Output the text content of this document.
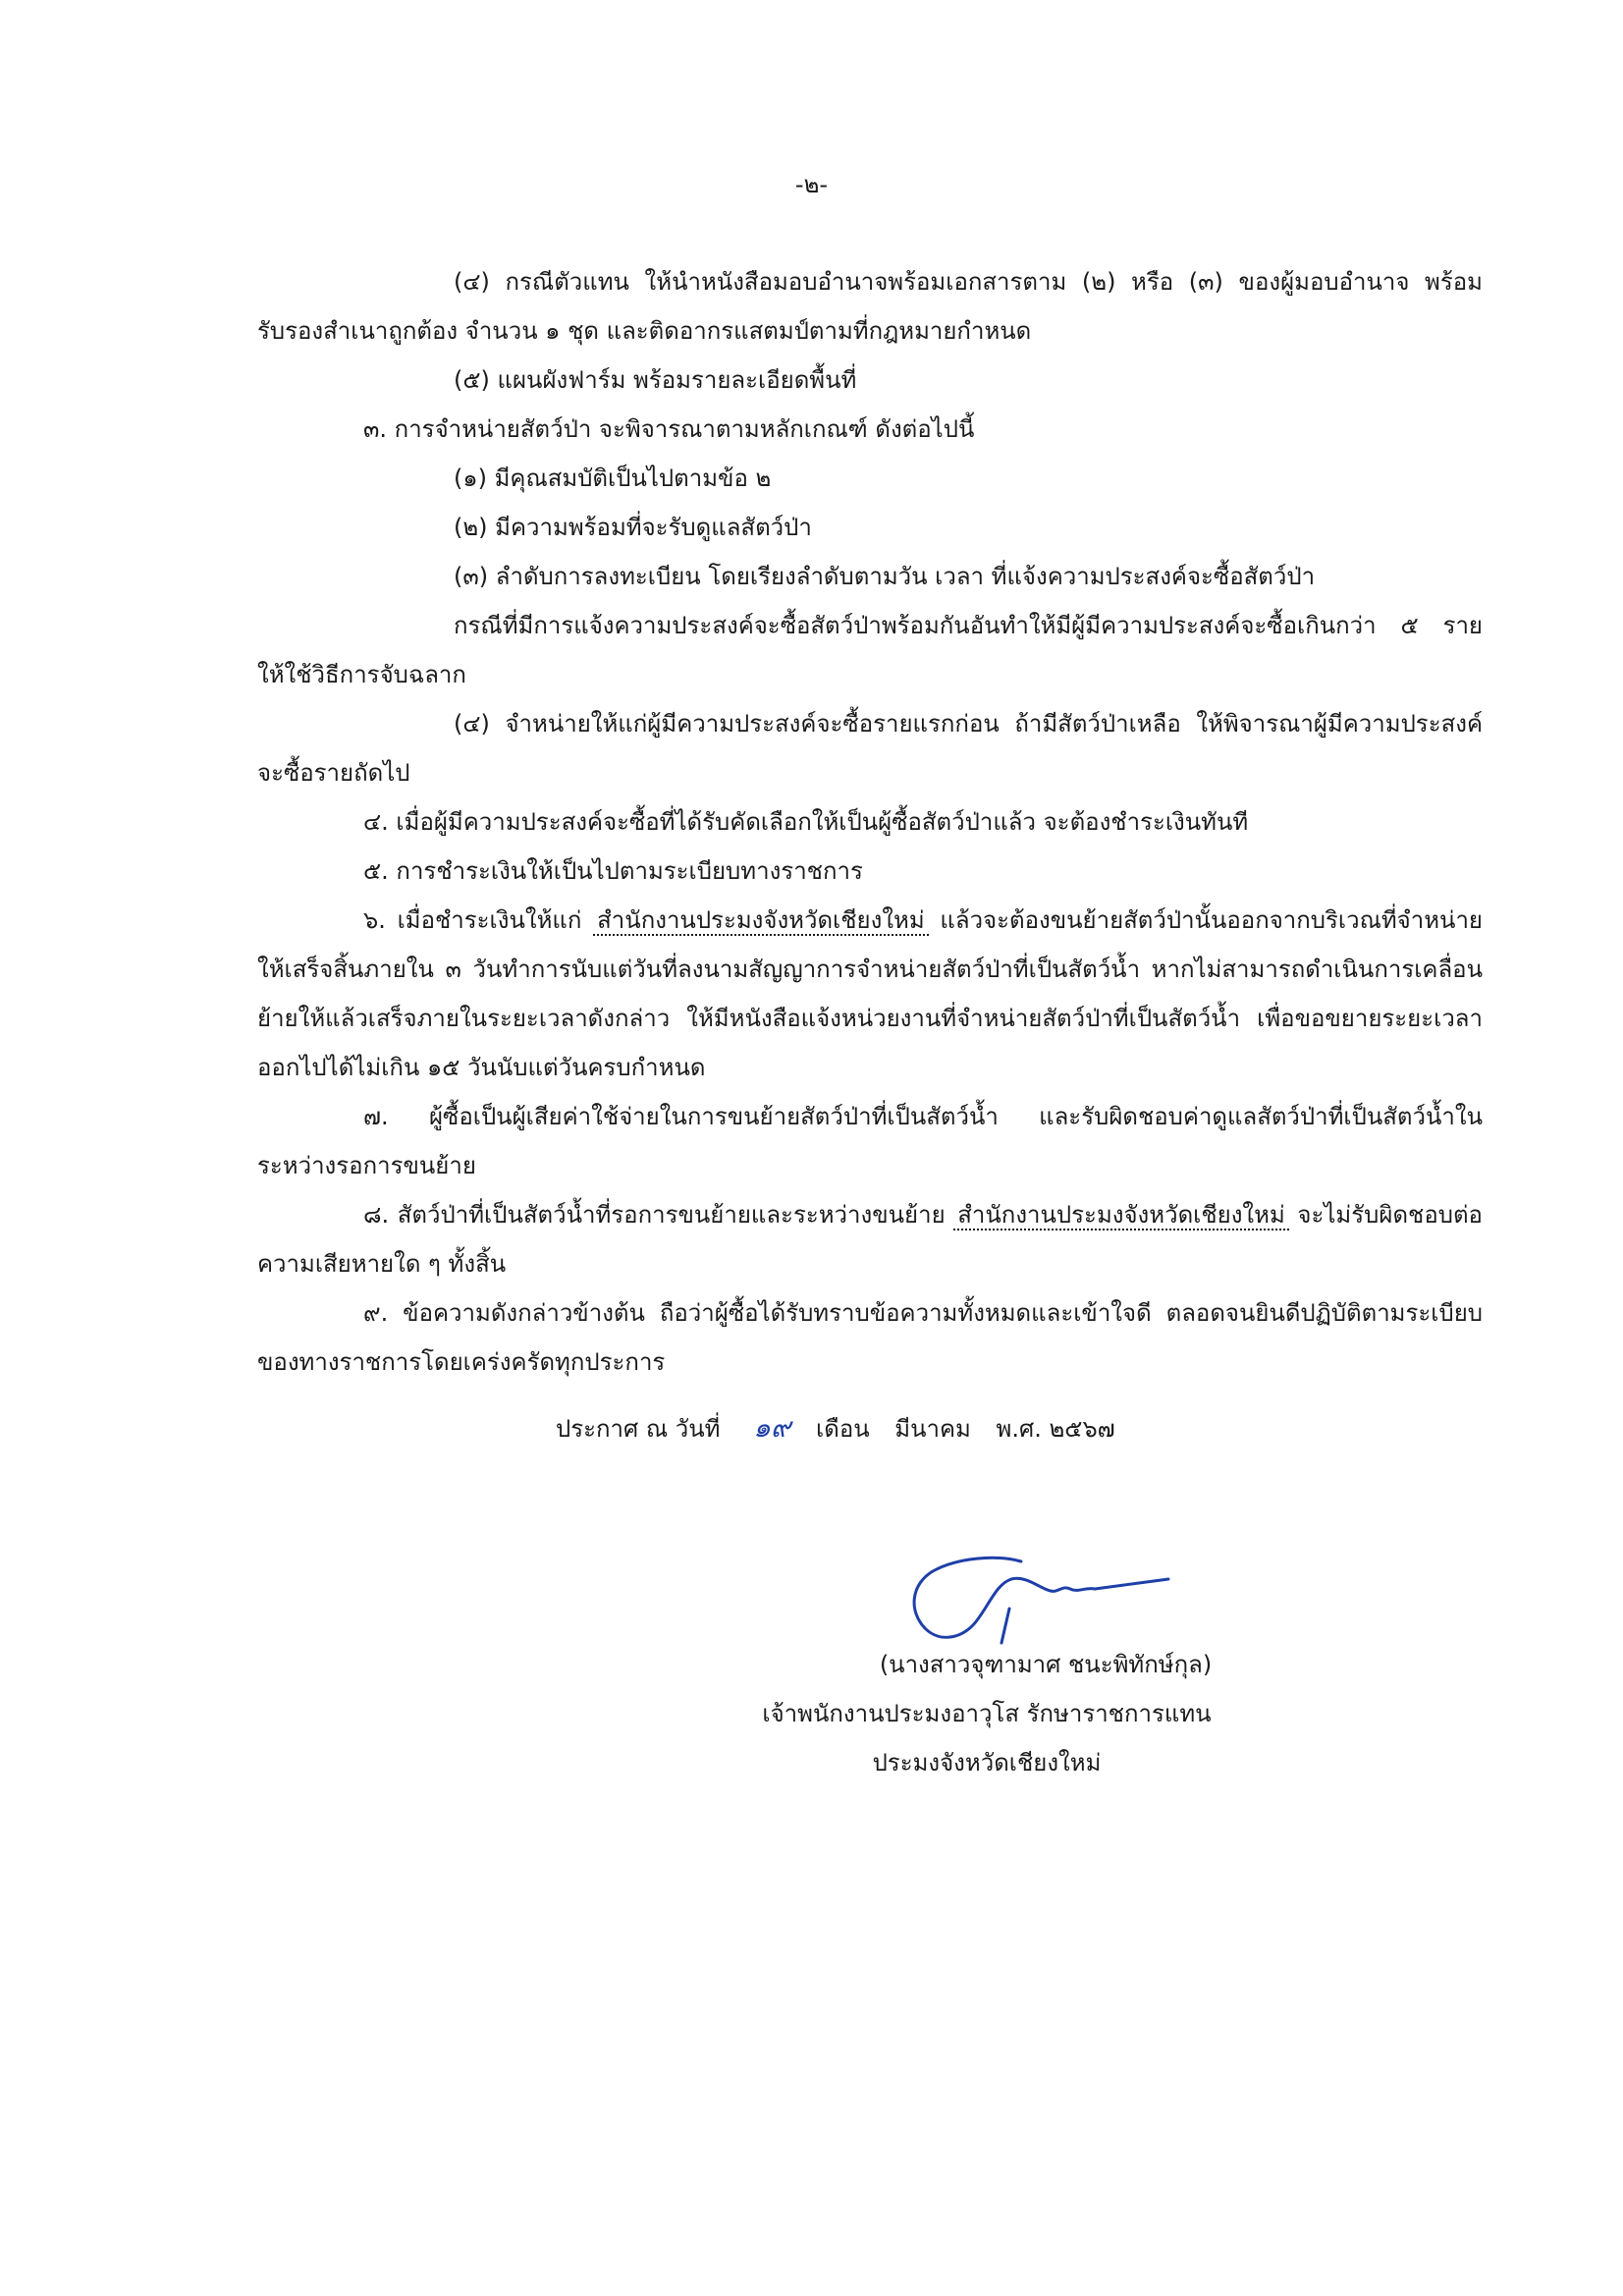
-๒-

(๔) กรณีตัวแทน ให้นำหนังสือมอบอำนาจพร้อมเอกสารตาม (๒) หรือ (๓) ของผู้มอบอำนาจ พร้อมรับรองสำเนาถูกต้อง จำนวน ๑ ชุด และติดอากรแสตมป์ตามที่กฎหมายกำหนด

(๕) แผนผังฟาร์ม พร้อมรายละเอียดพื้นที่

๓. การจำหน่ายสัตว์ป่า จะพิจารณาตามหลักเกณฑ์ ดังต่อไปนี้

(๑) มีคุณสมบัติเป็นไปตามข้อ ๒

(๒) มีความพร้อมที่จะรับดูแลสัตว์ป่า

(๓) ลำดับการลงทะเบียน โดยเรียงลำดับตามวัน เวลา ที่แจ้งความประสงค์จะซื้อสัตว์ป่า

กรณีที่มีการแจ้งความประสงค์จะซื้อสัตว์ป่าพร้อมกันอันทำให้มีผู้มีความประสงค์จะซื้อเกินกว่า ๕ ราย ให้ใช้วิธีการจับฉลาก

(๔) จำหน่ายให้แก่ผู้มีความประสงค์จะซื้อรายแรกก่อน ถ้ามีสัตว์ป่าเหลือ ให้พิจารณาผู้มีความประสงค์จะซื้อรายถัดไป

๔. เมื่อผู้มีความประสงค์จะซื้อที่ได้รับคัดเลือกให้เป็นผู้ซื้อสัตว์ป่าแล้ว จะต้องชำระเงินทันที

๕. การชำระเงินให้เป็นไปตามระเบียบทางราชการ

๖. เมื่อชำระเงินให้แก่ สำนักงานประมงจังหวัดเชียงใหม่ แล้วจะต้องขนย้ายสัตว์ป่านั้นออกจากบริเวณที่จำหน่ายให้เสร็จสิ้นภายใน ๓ วันทำการนับแต่วันที่ลงนามสัญญาการจำหน่ายสัตว์ป่าที่เป็นสัตว์น้ำ หากไม่สามารถดำเนินการเคลื่อนย้ายให้แล้วเสร็จภายในระยะเวลาดังกล่าว ให้มีหนังสือแจ้งหน่วยงานที่จำหน่ายสัตว์ป่าที่เป็นสัตว์น้ำ เพื่อขอขยายระยะเวลาออกไปได้ไม่เกิน ๑๕ วันนับแต่วันครบกำหนด

๗. ผู้ซื้อเป็นผู้เสียค่าใช้จ่ายในการขนย้ายสัตว์ป่าที่เป็นสัตว์น้ำ และรับผิดชอบค่าดูแลสัตว์ป่าที่เป็นสัตว์น้ำในระหว่างรอการขนย้าย

๘. สัตว์ป่าที่เป็นสัตว์น้ำที่รอการขนย้ายและระหว่างขนย้าย สำนักงานประมงจังหวัดเชียงใหม่ จะไม่รับผิดชอบต่อความเสียหายใด ๆ ทั้งสิ้น

๙. ข้อความดังกล่าวข้างต้น ถือว่าผู้ซื้อได้รับทราบข้อความทั้งหมดและเข้าใจดี ตลอดจนยินดีปฏิบัติตามระเบียบของทางราชการโดยเคร่งครัดทุกประการ

ประกาศ ณ วันที่ ๑๙ เดือน มีนาคม พ.ศ. ๒๕๖๗
(นางสาวจุฑามาศ ชนะพิทักษ์กุล)
เจ้าพนักงานประมงอาวุโส รักษาราชการแทน
ประมงจังหวัดเชียงใหม่
